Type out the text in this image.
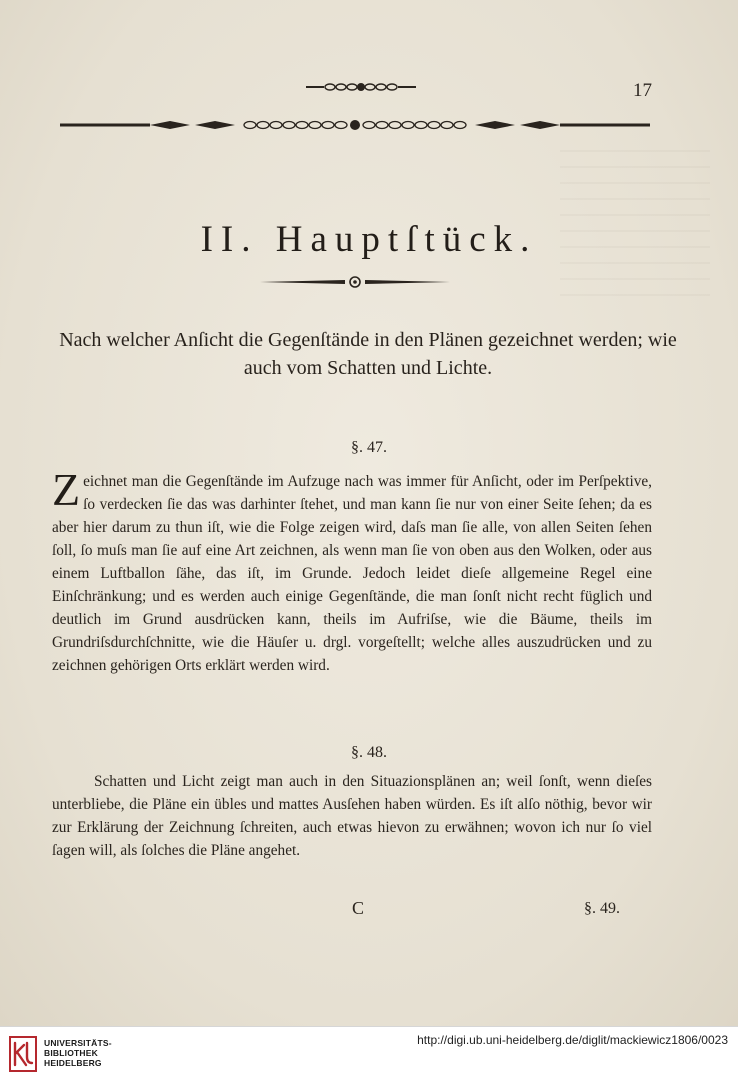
17
II. Hauptſtück.

Nach welcher Anſicht die Gegenſtände in den Plänen gezeichnet werden; wie auch vom Schatten und Lichte.

§. 47.

Zeichnet man die Gegenſtände im Aufzuge nach was immer für Anſicht, oder im Perſpektive, ſo verdecken ſie das was darhinter ſtehet, und man kann ſie nur von einer Seite ſehen; da es aber hier darum zu thun iſt, wie die Folge zeigen wird, daſs man ſie alle, von allen Seiten ſehen ſoll, ſo muſs man ſie auf eine Art zeichnen, als wenn man ſie von oben aus den Wolken, oder aus einem Luftballon ſähe, das iſt, im Grunde. Jedoch leidet dieſe allgemeine Regel eine Einſchränkung; und es werden auch einige Gegenſtände, die man ſonſt nicht recht füglich und deutlich im Grund ausdrücken kann, theils im Aufriſse, wie die Bäume, theils im Grundriſsdurchſchnitte, wie die Häuſer u. drgl. vorgeſtellt; welche alles auszudrücken und zu zeichnen gehörigen Orts erklärt werden wird.

§. 48.

Schatten und Licht zeigt man auch in den Situazionsplänen an; weil ſonſt, wenn dieſes unterbliebe, die Pläne ein übles und mattes Ausſehen haben würden. Es iſt alſo nöthig, bevor wir zur Erklärung der Zeichnung ſchreiten, auch etwas hievon zu erwähnen; wovon ich nur ſo viel ſagen will, als ſolches die Pläne angehet.

C	§. 49.
UNIVERSITÄTS-
BIBLIOTHEK
HEIDELBERG
http://digi.ub.uni-heidelberg.de/diglit/mackiewicz1806/0023
